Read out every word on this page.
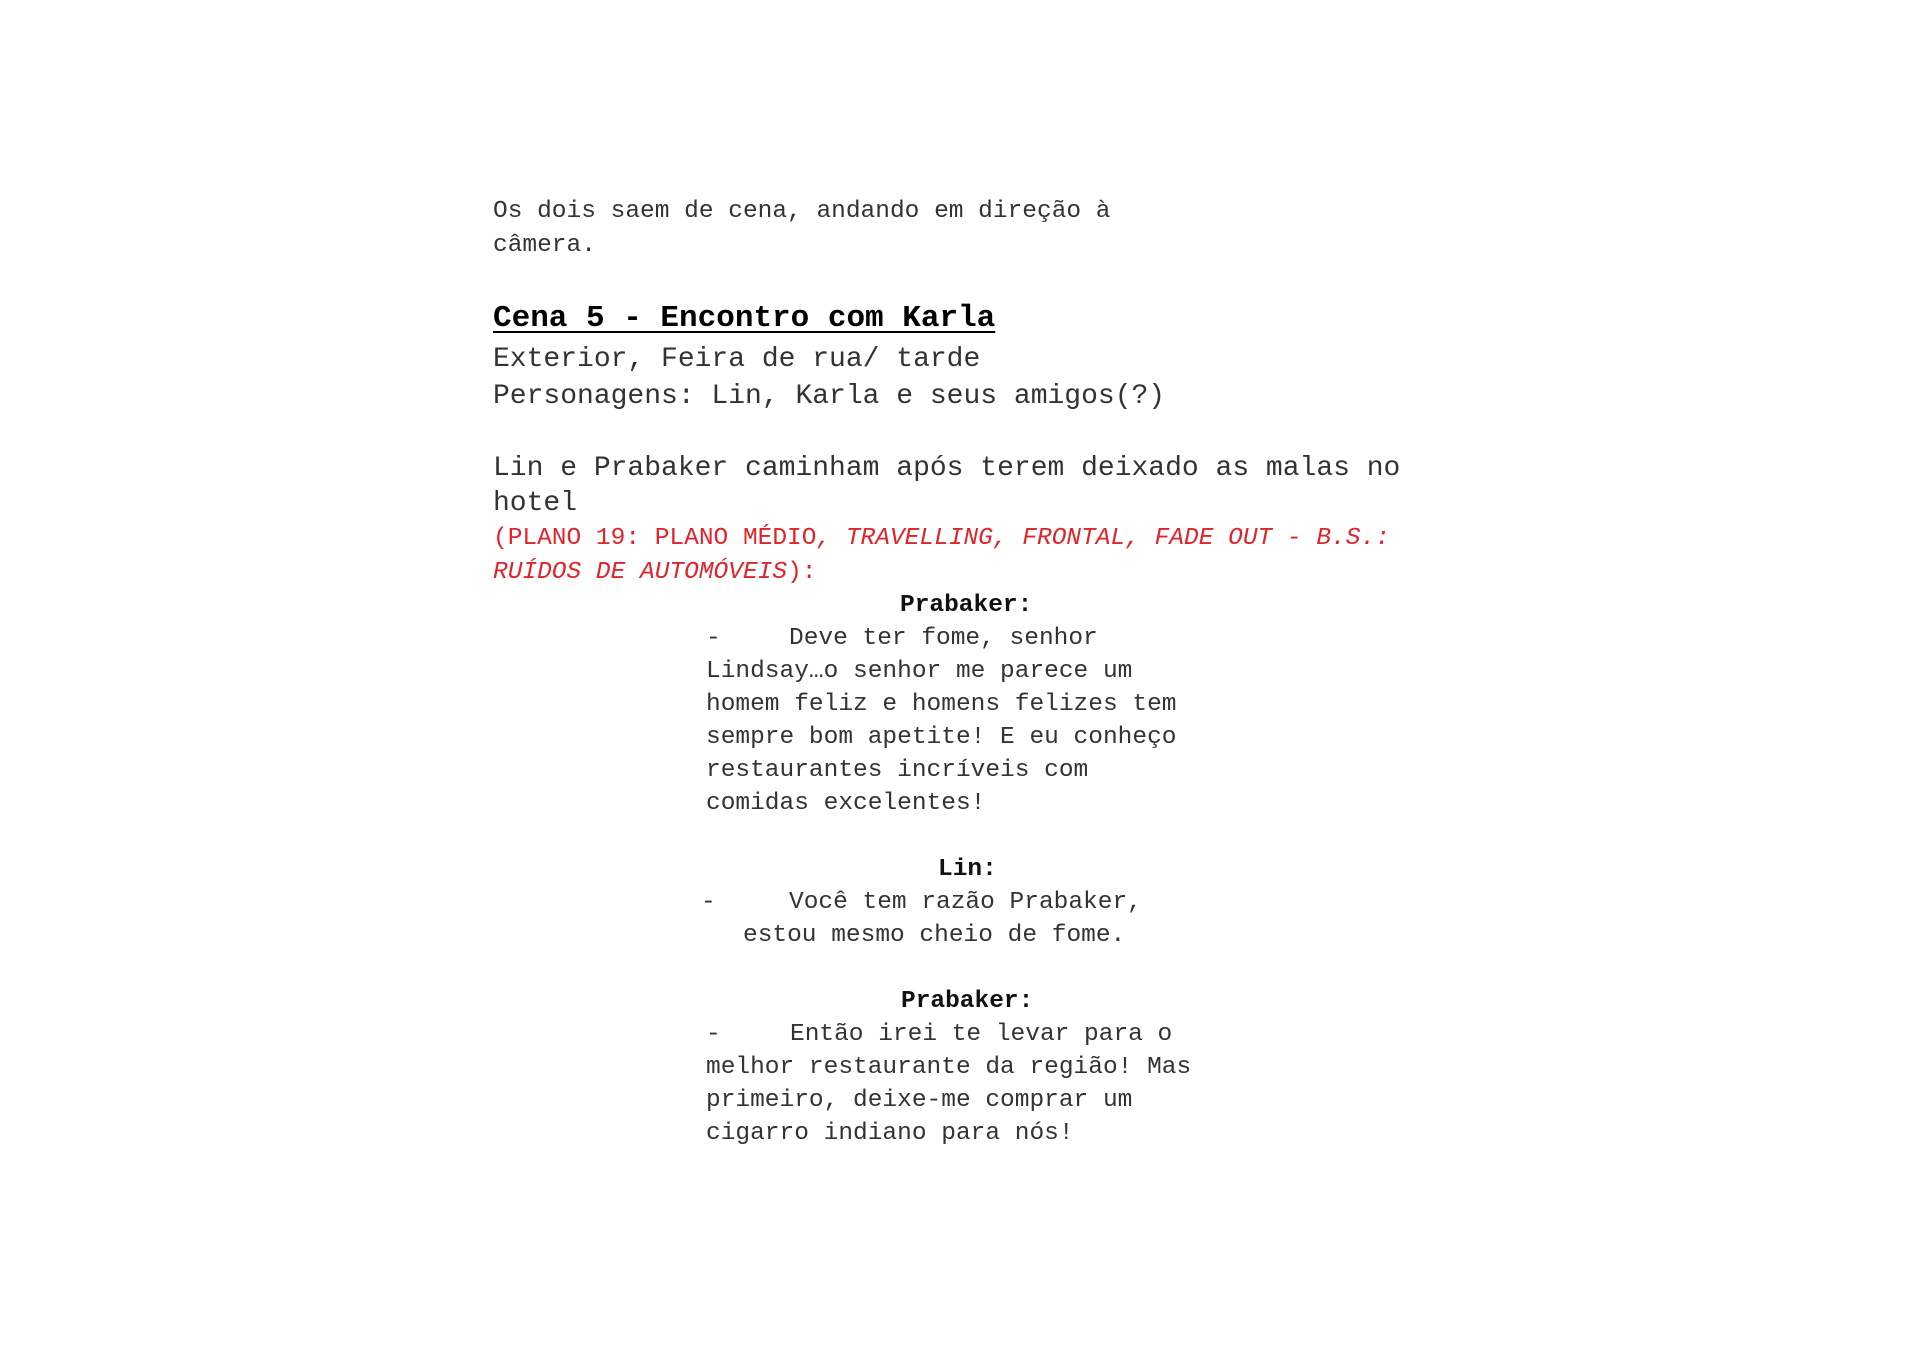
Os dois saem de cena, andando em direção à
câmera.
Cena 5 - Encontro com Karla
Exterior, Feira de rua/ tarde
Personagens: Lin, Karla e seus amigos(?)
Lin e Prabaker caminham após terem deixado as malas no
hotel
(PLANO 19: PLANO MÉDIO, TRAVELLING, FRONTAL, FADE OUT - B.S.:
RUÍDOS DE AUTOMÓVEIS):
Prabaker:
-	Deve ter fome, senhor
Lindsay…o senhor me parece um
homem feliz e homens felizes tem
sempre bom apetite! E eu conheço
restaurantes incríveis com
comidas excelentes!
Lin:
-	Você tem razão Prabaker,
estou mesmo cheio de fome.
Prabaker:
-	Então irei te levar para o
melhor restaurante da região! Mas
primeiro, deixe-me comprar um
cigarro indiano para nós!
